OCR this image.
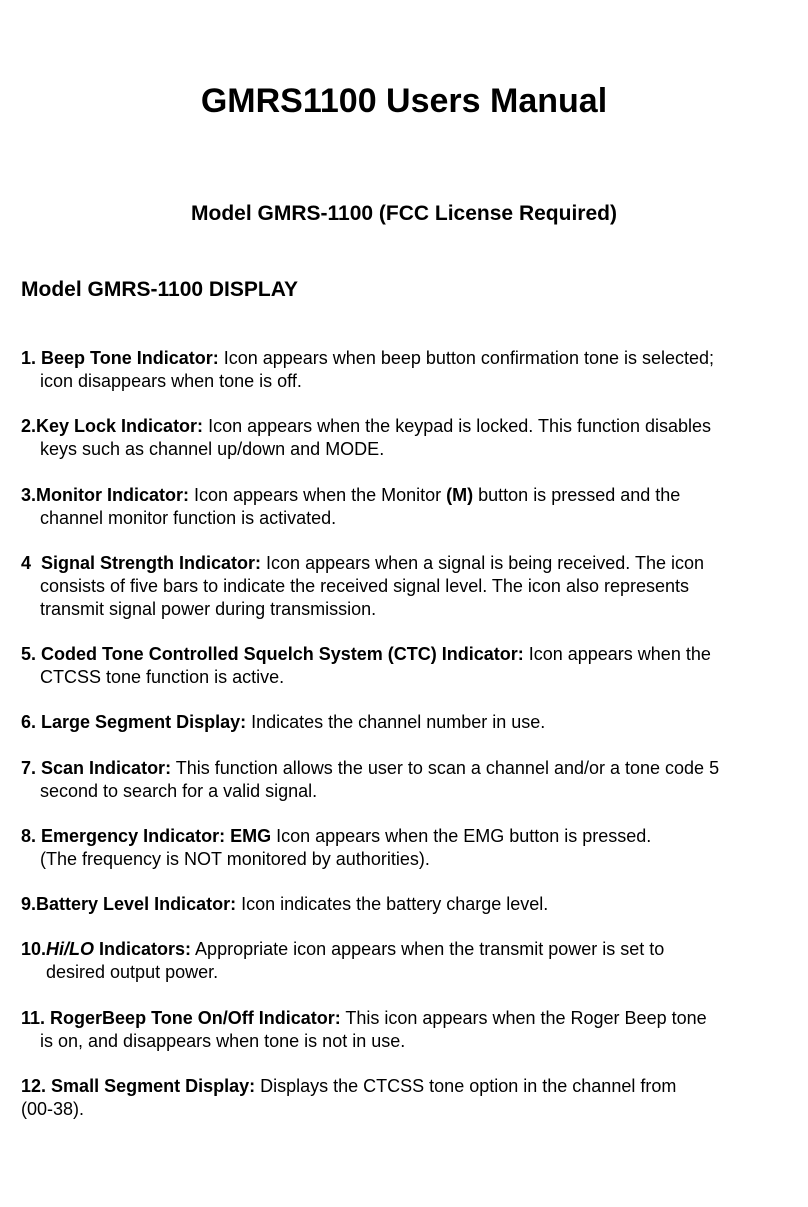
GMRS1100 Users Manual
Model GMRS-1100 (FCC License Required)
Model GMRS-1100 DISPLAY

1. Beep Tone Indicator: Icon appears when beep button confirmation tone is selected;
icon disappears when tone is off.

2.Key Lock Indicator: Icon appears when the keypad is locked. This function disables
keys such as channel up/down and MODE.

3.Monitor Indicator: Icon appears when the Monitor (M) button is pressed and the
channel monitor function is activated.

4 Signal Strength Indicator: Icon appears when a signal is being received. The icon
consists of five bars to indicate the received signal level. The icon also represents
transmit signal power during transmission.

5. Coded Tone Controlled Squelch System (CTC) Indicator: Icon appears when the
CTCSS tone function is active.

6. Large Segment Display: Indicates the channel number in use.

7. Scan Indicator: This function allows the user to scan a channel and/or a tone code 5
second to search for a valid signal.

8. Emergency Indicator: EMG Icon appears when the EMG button is pressed.
(The frequency is NOT monitored by authorities).

9.Battery Level Indicator: Icon indicates the battery charge level.

10.Hi/LO Indicators: Appropriate icon appears when the transmit power is set to
desired output power.

11. RogerBeep Tone On/Off Indicator: This icon appears when the Roger Beep tone
is on, and disappears when tone is not in use.

12. Small Segment Display: Displays the CTCSS tone option in the channel from
(00-38).
